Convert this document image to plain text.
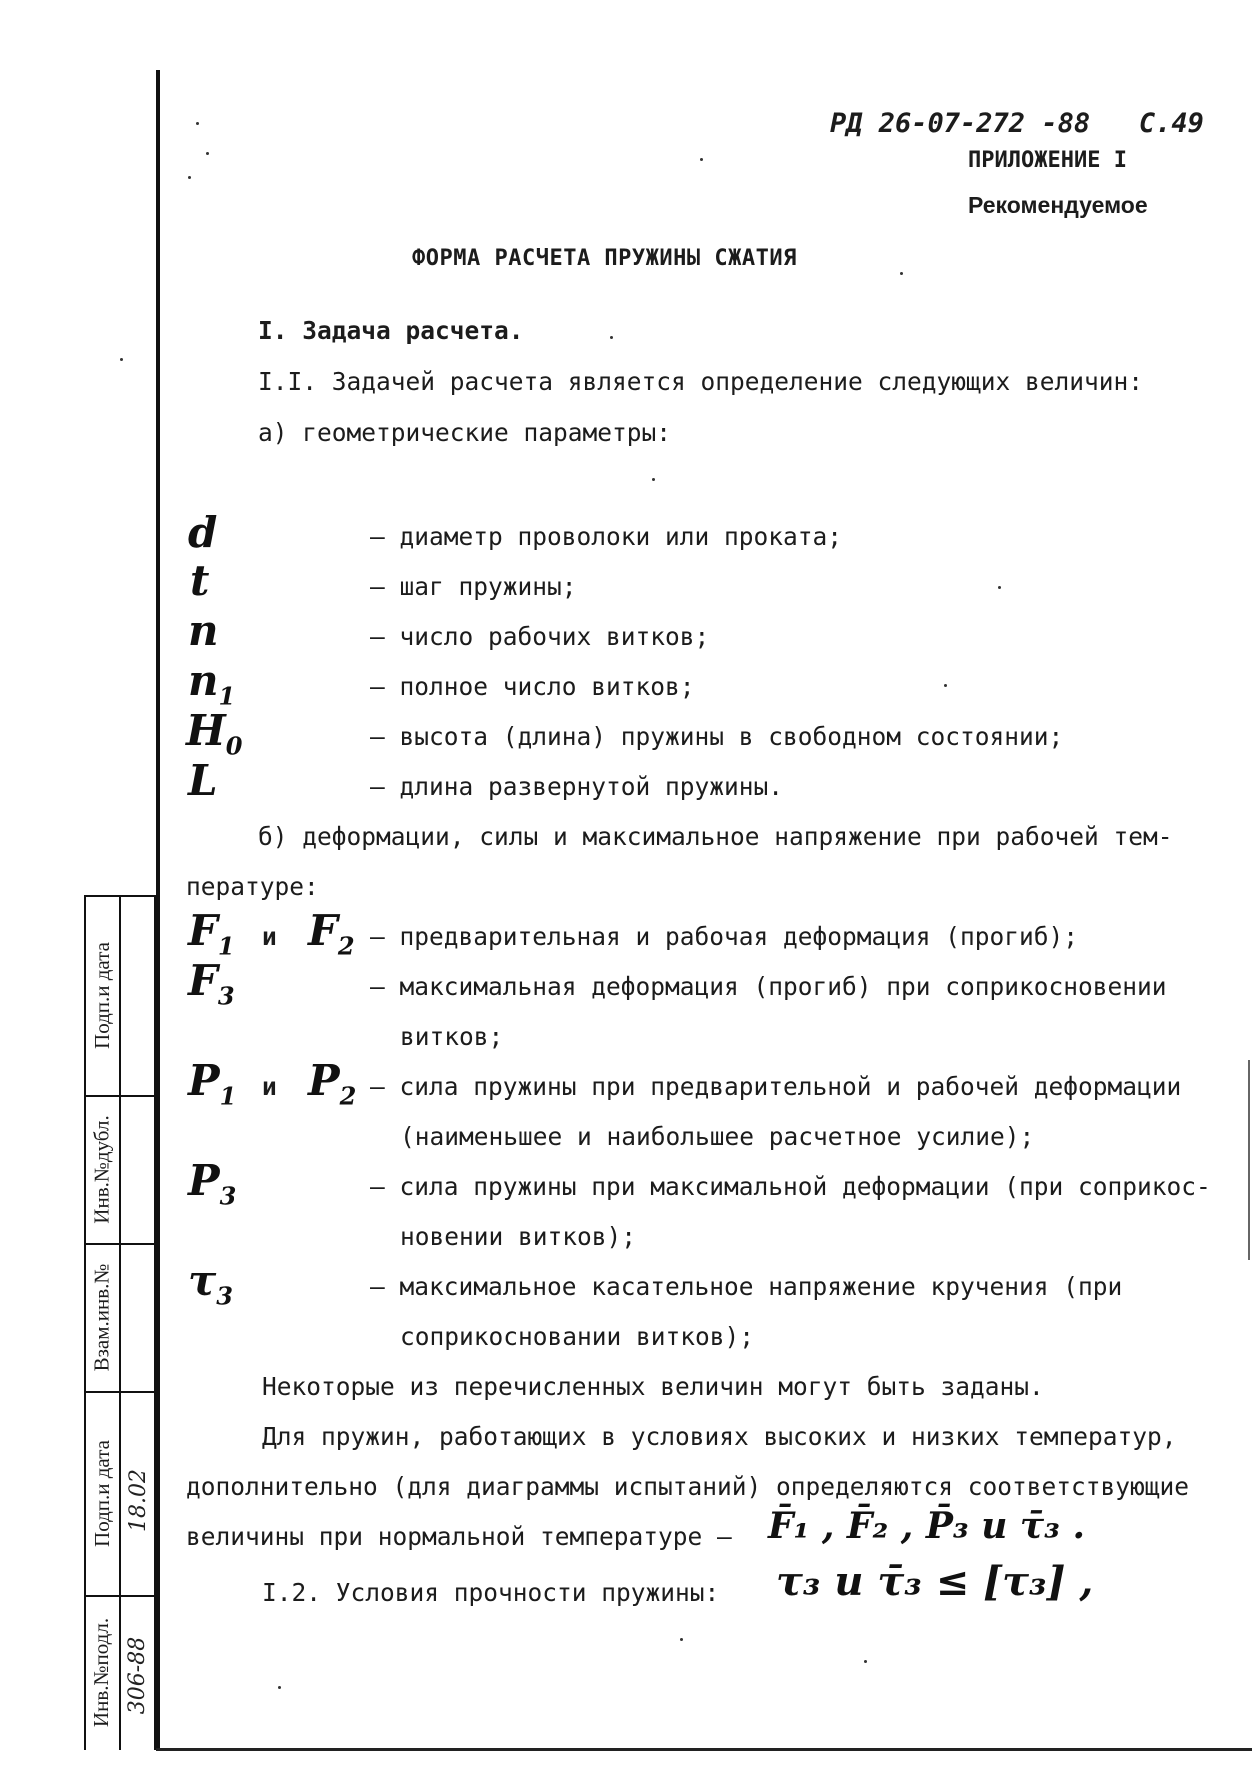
РД 26-07-272 -88 С.49
ПРИЛОЖЕНИЕ I
Рекомендуемое
ФОРМА РАСЧЕТА ПРУЖИНЫ СЖАТИЯ
I. Задача расчета.
I.I. Задачей расчета является определение следующих величин:
а) геометрические параметры:
d	– диаметр проволоки или проката;
t	– шаг пружины;
n	– число рабочих витков;
$n_1$	– полное число витков;
$H_0$	– высота (длина) пружины в свободном состоянии;
L	– длина развернутой пружины.
б) деформации, силы и максимальное напряжение при рабочей тем-
пературе:
$F_1$ и $F_2$ – предварительная и рабочая деформация (прогиб);
$F_3$	– максимальная деформация (прогиб) при соприкосновении
витков;
$P_1$ и $P_2$ – сила пружины при предварительной и рабочей деформации
(наименьшее и наибольшее расчетное усилие);
$P_3$	– сила пружины при максимальной деформации (при соприкос-
новении витков);
$\tau_3$	– максимальное касательное напряжение кручения (при
соприкосновании витков);
Некоторые из перечисленных величин могут быть заданы.
Для пружин, работающих в условиях высоких и низких температур,
дополнительно (для диаграммы испытаний) определяются соответствующие
величины при нормальной температуре – F̄₁ , F̄₂ , P̄₃ и τ̄₃ .
I.2. Условия прочности пружины: τ₃ и τ̄₃ ≤ [τ₃] ,
Подп.и дата
Инв.№дубл.
Взам.инв.№
Подп.и дата
Инв.№подл.
18.02
306-88
